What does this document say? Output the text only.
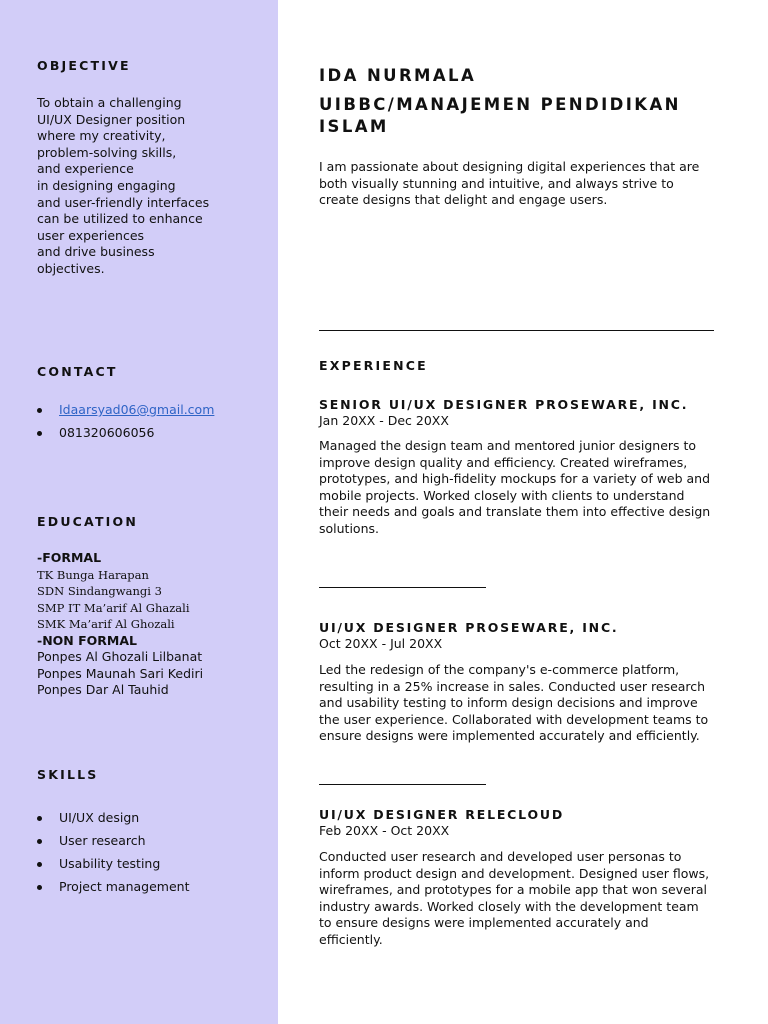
OBJECTIVE

To obtain a challenging
UI/UX Designer position
where my creativity,
problem-solving skills,
and experience
in designing engaging
and user-friendly interfaces
can be utilized to enhance
user experiences
and drive business
objectives.

CONTACT
Idaarsyad06@gmail.com
081320606056
EDUCATION
-FORMAL
TK Bunga Harapan
SDN Sindangwangi 3
SMP IT Ma’arif Al Ghazali
SMK Ma’arif Al Ghozali
-NON FORMAL
Ponpes Al Ghozali Lilbanat
Ponpes Maunah Sari Kediri
Ponpes Dar Al Tauhid
SKILLS
UI/UX design
User research
Usability testing
Project management
IDA NURMALA
UIBBC/MANAJEMEN PENDIDIKAN
ISLAM

I am passionate about designing digital experiences that are
both visually stunning and intuitive, and always strive to
create designs that delight and engage users.

EXPERIENCE

SENIOR UI/UX DESIGNER PROSEWARE, INC.

Jan 20XX - Dec 20XX

Managed the design team and mentored junior designers to
improve design quality and efficiency. Created wireframes,
prototypes, and high-fidelity mockups for a variety of web and
mobile projects. Worked closely with clients to understand
their needs and goals and translate them into effective design
solutions.

UI/UX DESIGNER PROSEWARE, INC.

Oct 20XX - Jul 20XX

Led the redesign of the company's e-commerce platform,
resulting in a 25% increase in sales. Conducted user research
and usability testing to inform design decisions and improve
the user experience. Collaborated with development teams to
ensure designs were implemented accurately and efficiently.

UI/UX DESIGNER RELECLOUD

Feb 20XX - Oct 20XX

Conducted user research and developed user personas to
inform product design and development. Designed user flows,
wireframes, and prototypes for a mobile app that won several
industry awards. Worked closely with the development team
to ensure designs were implemented accurately and
efficiently.
